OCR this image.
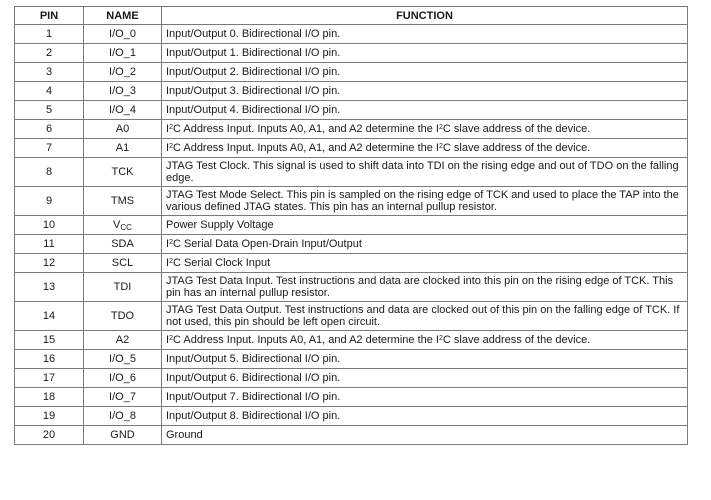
PIN	NAME	FUNCTION
1	I/O_0	Input/Output 0. Bidirectional I/O pin.
2	I/O_1	Input/Output 1. Bidirectional I/O pin.
3	I/O_2	Input/Output 2. Bidirectional I/O pin.
4	I/O_3	Input/Output 3. Bidirectional I/O pin.
5	I/O_4	Input/Output 4. Bidirectional I/O pin.
6	A0	$I^2C$ Address Input. Inputs A0, A1, and A2 determine the $I^2C$ slave address of the device.
7	A1	$I^2C$ Address Input. Inputs A0, A1, and A2 determine the $I^2C$ slave address of the device.
8	TCK	JTAG Test Clock. This signal is used to shift data into TDI on the rising edge and out of TDO on the falling edge.
9	TMS	JTAG Test Mode Select. This pin is sampled on the rising edge of TCK and used to place the TAP into the various defined JTAG states. This pin has an internal pullup resistor.
10	$V_{CC}$	Power Supply Voltage
11	SDA	$I^2C$ Serial Data Open-Drain Input/Output
12	SCL	$I^2C$ Serial Clock Input
13	TDI	JTAG Test Data Input. Test instructions and data are clocked into this pin on the rising edge of TCK. This pin has an internal pullup resistor.
14	TDO	JTAG Test Data Output. Test instructions and data are clocked out of this pin on the falling edge of TCK. If not used, this pin should be left open circuit.
15	A2	$I^2C$ Address Input. Inputs A0, A1, and A2 determine the $I^2C$ slave address of the device.
16	I/O_5	Input/Output 5. Bidirectional I/O pin.
17	I/O_6	Input/Output 6. Bidirectional I/O pin.
18	I/O_7	Input/Output 7. Bidirectional I/O pin.
19	I/O_8	Input/Output 8. Bidirectional I/O pin.
20	GND	Ground
